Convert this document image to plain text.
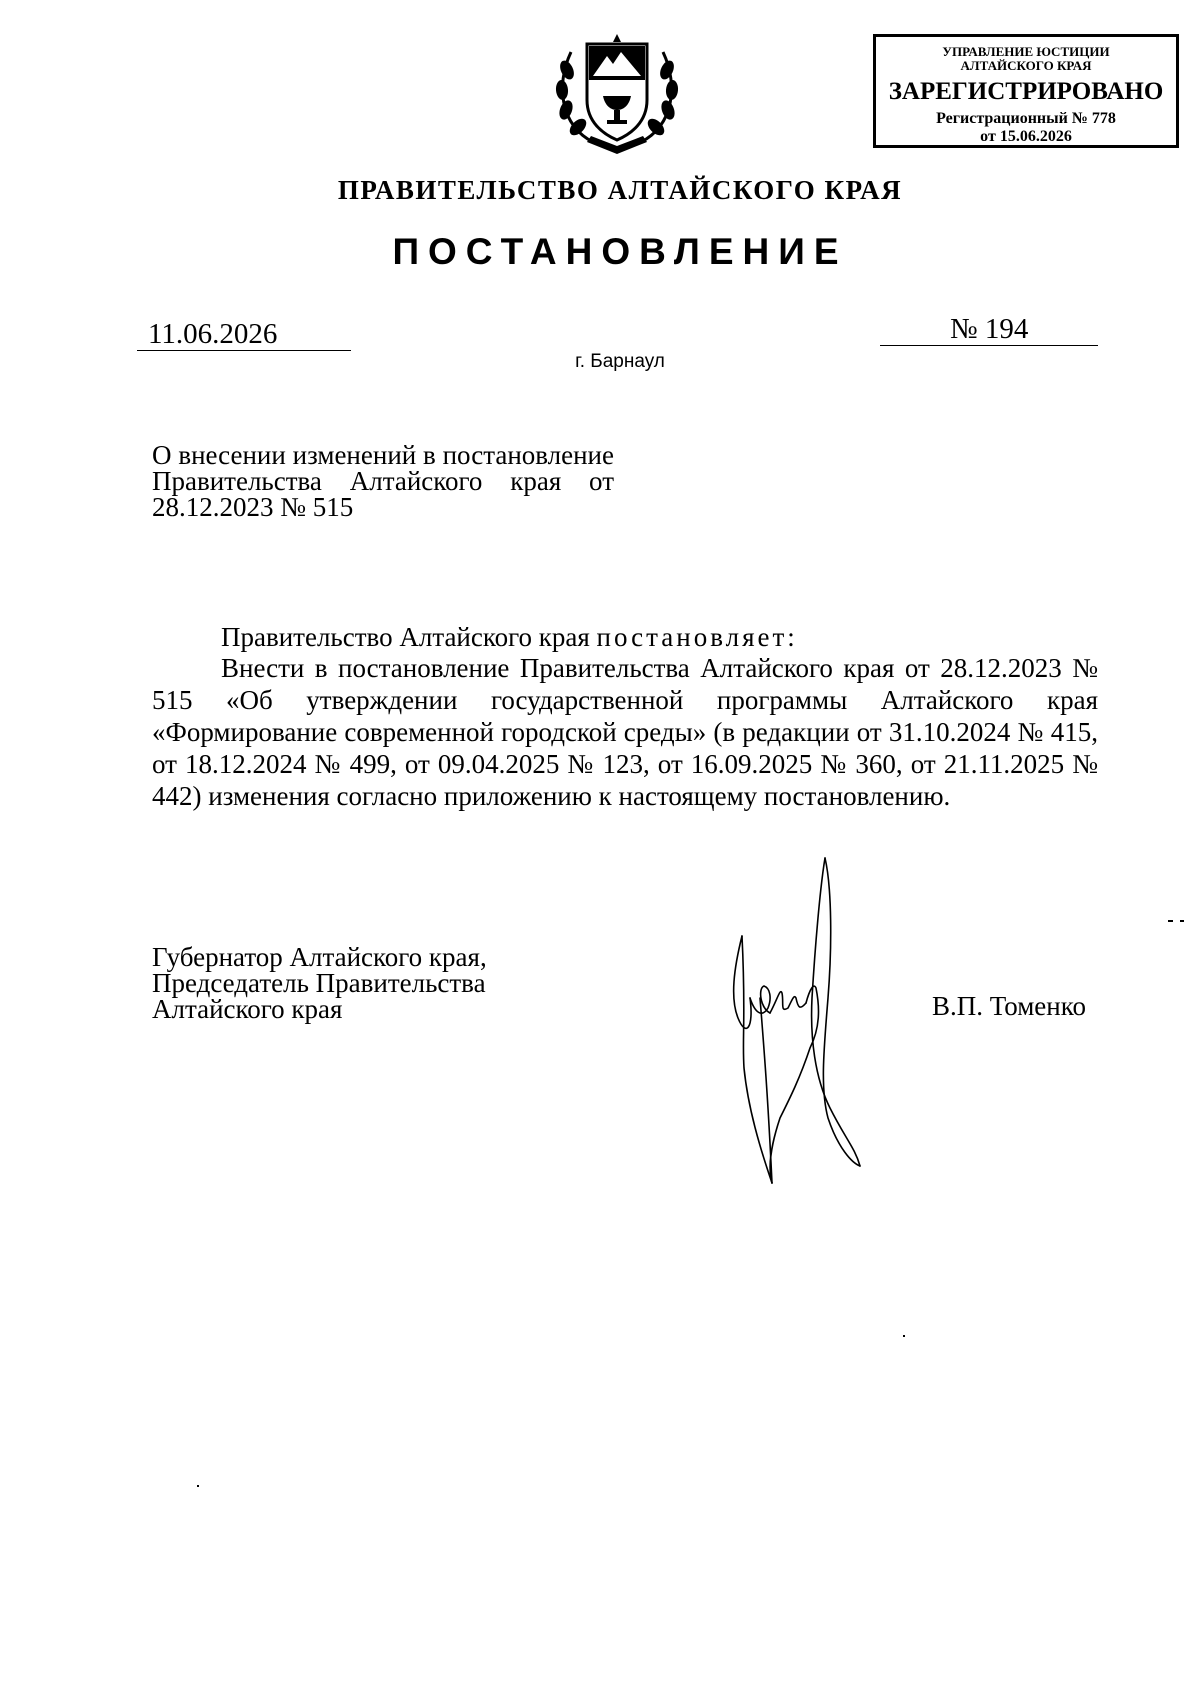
УПРАВЛЕНИЕ ЮСТИЦИИ
АЛТАЙСКОГО КРАЯ
ЗАРЕГИСТРИРОВАНО
Регистрационный № 778
от 15.06.2026
ПРАВИТЕЛЬСТВО АЛТАЙСКОГО КРАЯ
ПОСТАНОВЛЕНИЕ
11.06.2026	№ 194
г. Барнаул
О внесении изменений в постановление Правительства Алтайского края от 28.12.2023 № 515
Правительство Алтайского края постановляет:
Внести в постановление Правительства Алтайского края от 28.12.2023 № 515 «Об утверждении государственной программы Алтайского края «Формирование современной городской среды» (в редакции от 31.10.2024 № 415, от 18.12.2024 № 499, от 09.04.2025 № 123, от 16.09.2025 № 360, от 21.11.2025 № 442) изменения согласно приложению к настоящему постановлению.
Губернатор Алтайского края,
Председатель Правительства
Алтайского края	В.П. Томенко
